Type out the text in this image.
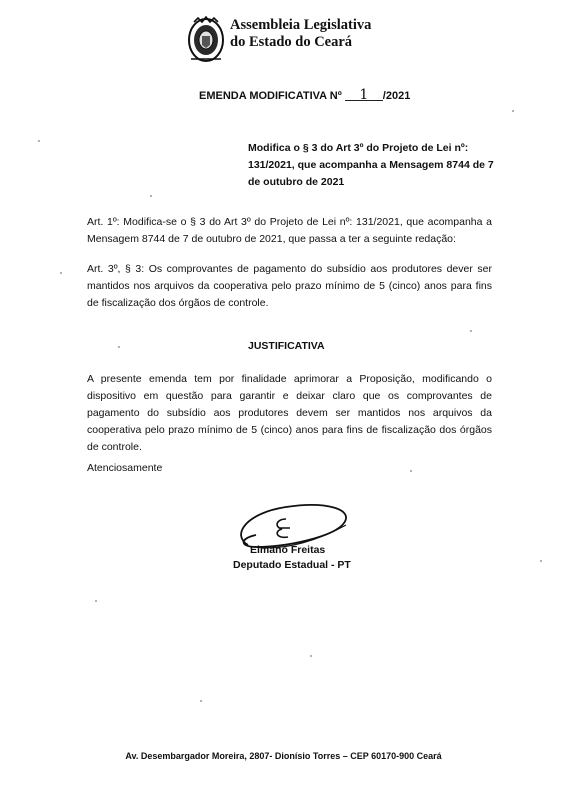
Assembleia Legislativa
do Estado do Ceará
EMENDA MODIFICATIVA Nº 1 /2021
Modifica o § 3 do Art 3º do Projeto de Lei nº: 131/2021, que acompanha a Mensagem 8744 de 7 de outubro de 2021
Art. 1º: Modifica-se o § 3 do Art 3º do Projeto de Lei nº: 131/2021, que acompanha a Mensagem 8744 de 7 de outubro de 2021, que passa a ter a seguinte redação:
Art. 3º, § 3: Os comprovantes de pagamento do subsídio aos produtores dever ser mantidos nos arquivos da cooperativa pelo prazo mínimo de 5 (cinco) anos para fins de fiscalização dos órgãos de controle.
JUSTIFICATIVA
A presente emenda tem por finalidade aprimorar a Proposição, modificando o dispositivo em questão para garantir e deixar claro que os comprovantes de pagamento do subsídio aos produtores devem ser mantidos nos arquivos da cooperativa pelo prazo mínimo de 5 (cinco) anos para fins de fiscalização dos órgãos de controle.
Atenciosamente
Elmano Freitas
Deputado Estadual - PT
Av. Desembargador Moreira, 2807- Dionísio Torres – CEP 60170-900 Ceará
